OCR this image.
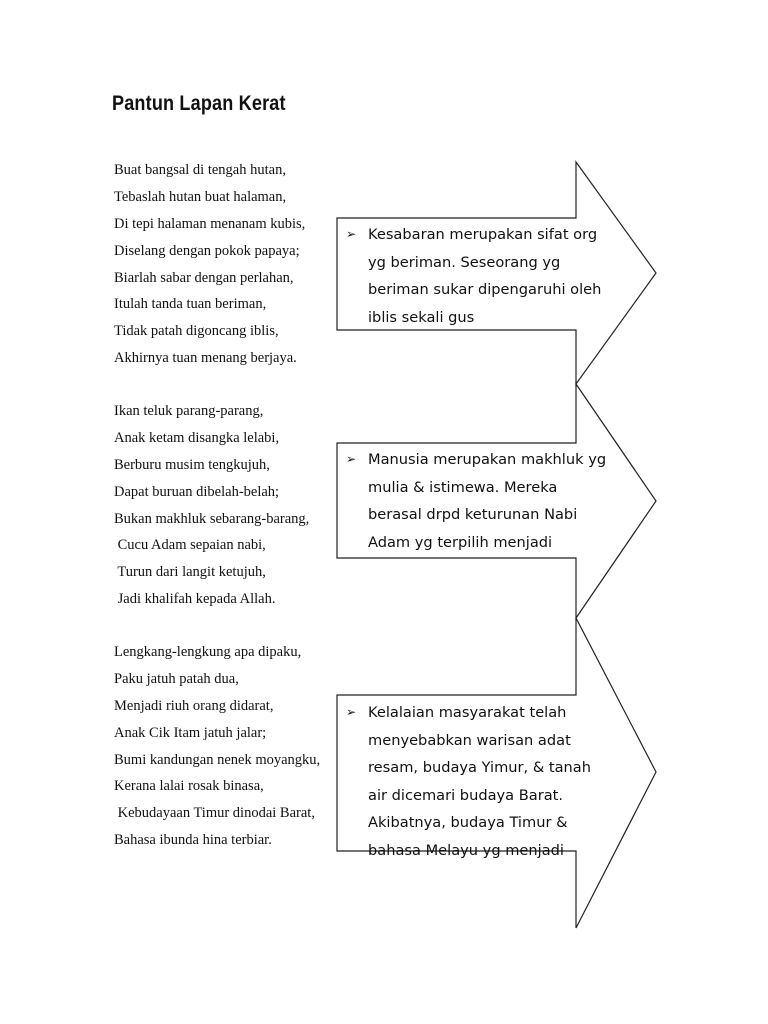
Pantun Lapan Kerat
Buat bangsal di tengah hutan,
Tebaslah hutan buat halaman,
Di tepi halaman menanam kubis,
Diselang dengan pokok papaya;
Biarlah sabar dengan perlahan,
Itulah tanda tuan beriman,
Tidak patah digoncang iblis,
Akhirnya tuan menang berjaya.
Ikan teluk parang-parang,
Anak ketam disangka lelabi,
Berburu musim tengkujuh,
Dapat buruan dibelah-belah;
Bukan makhluk sebarang-barang,
Cucu Adam sepaian nabi,
Turun dari langit ketujuh,
Jadi khalifah kepada Allah.
Lengkang-lengkung apa dipaku,
Paku jatuh patah dua,
Menjadi riuh orang didarat,
Anak Cik Itam jatuh jalar;
Bumi kandungan nenek moyangku,
Kerana lalai rosak binasa,
Kebudayaan Timur dinodai Barat,
Bahasa ibunda hina terbiar.
➢ Kesabaran merupakan sifat org
yg beriman. Seseorang yg
beriman sukar dipengaruhi oleh
iblis sekali gus
➢ Manusia merupakan makhluk yg
mulia & istimewa. Mereka
berasal drpd keturunan Nabi
Adam yg terpilih menjadi
➢ Kelalaian masyarakat telah
menyebabkan warisan adat
resam, budaya Yimur, & tanah
air dicemari budaya Barat.
Akibatnya, budaya Timur &
bahasa Melayu yg menjadi
